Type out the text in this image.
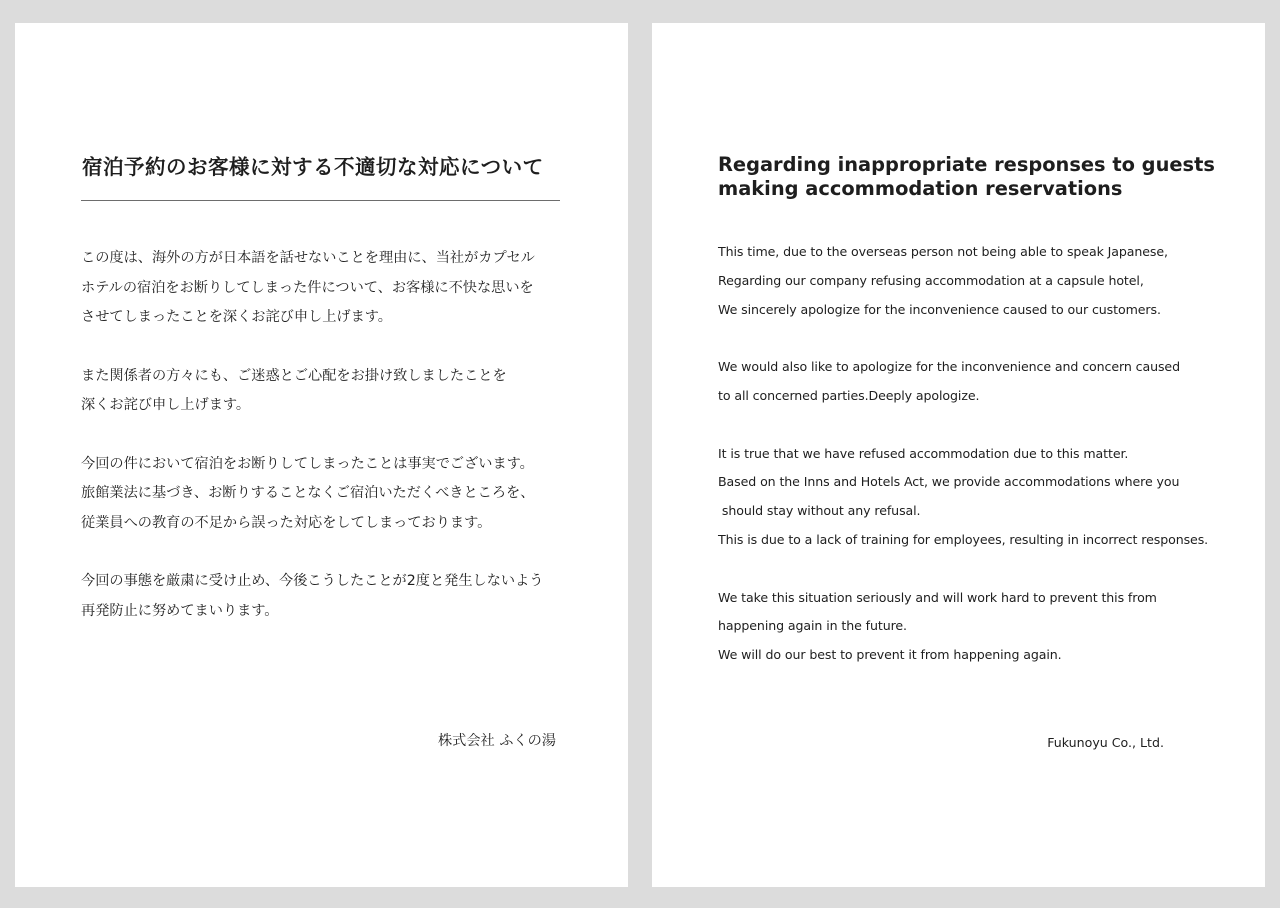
宿泊予約のお客様に対する不適切な対応について

この度は、海外の方が日本語を話せないことを理由に、当社がカプセル
ホテルの宿泊をお断りしてしまった件について、お客様に不快な思いを
させてしまったことを深くお詫び申し上げます。

また関係者の方々にも、ご迷惑とご心配をお掛け致しましたことを
深くお詫び申し上げます。

今回の件において宿泊をお断りしてしまったことは事実でございます。
旅館業法に基づき、お断りすることなくご宿泊いただくべきところを、
従業員への教育の不足から誤った対応をしてしまっております。

今回の事態を厳粛に受け止め、今後こうしたことが2度と発生しないよう
再発防止に努めてまいります。

株式会社 ふくの湯
Regarding inappropriate responses to guests
making accommodation reservations

This time, due to the overseas person not being able to speak Japanese,
Regarding our company refusing accommodation at a capsule hotel,
We sincerely apologize for the inconvenience caused to our customers.

We would also like to apologize for the inconvenience and concern caused
to all concerned parties.Deeply apologize.

It is true that we have refused accommodation due to this matter.
Based on the Inns and Hotels Act, we provide accommodations where you
should stay without any refusal.
This is due to a lack of training for employees, resulting in incorrect responses.

We take this situation seriously and will work hard to prevent this from
happening again in the future.
We will do our best to prevent it from happening again.

Fukunoyu Co., Ltd.
